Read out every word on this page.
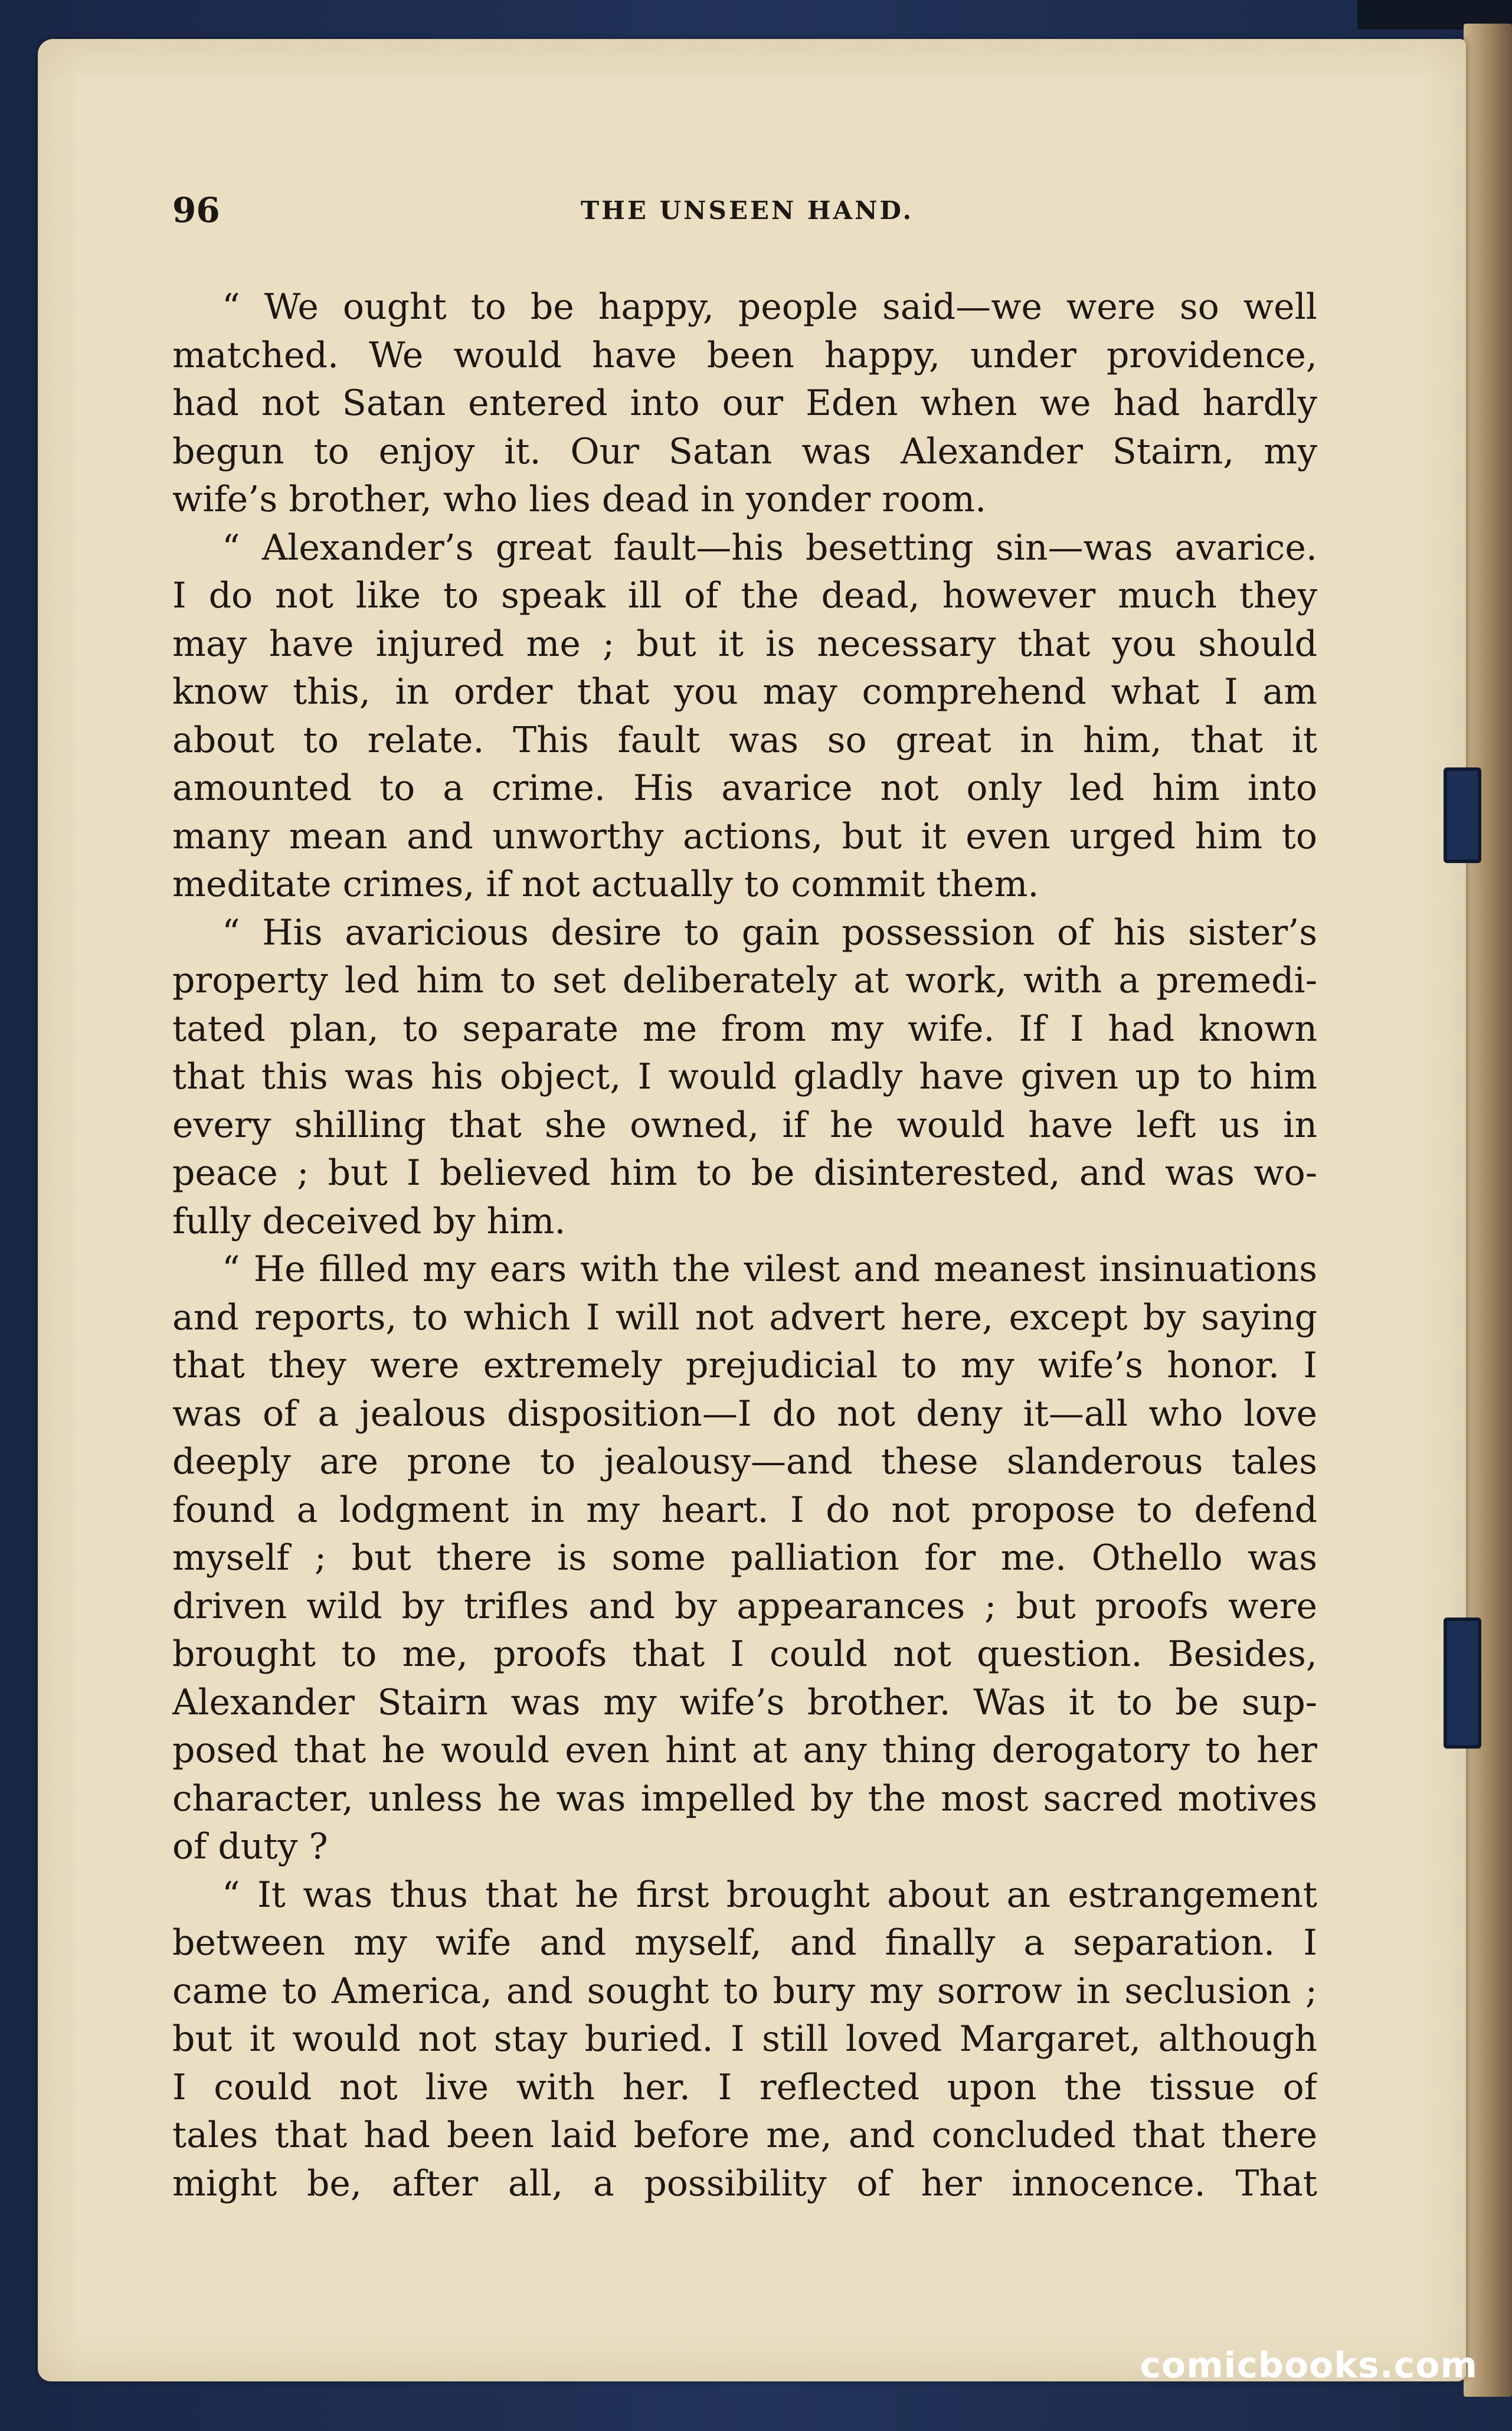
96	THE UNSEEN HAND.
“ We ought to be happy, people said—we were so well
matched. We would have been happy, under providence,
had not Satan entered into our Eden when we had hardly
begun to enjoy it. Our Satan was Alexander Stairn, my
wife’s brother, who lies dead in yonder room.
“ Alexander’s great fault—his besetting sin—was avarice.
I do not like to speak ill of the dead, however much they
may have injured me ; but it is necessary that you should
know this, in order that you may comprehend what I am
about to relate. This fault was so great in him, that it
amounted to a crime. His avarice not only led him into
many mean and unworthy actions, but it even urged him to
meditate crimes, if not actually to commit them.
“ His avaricious desire to gain possession of his sister’s
property led him to set deliberately at work, with a premedi-
tated plan, to separate me from my wife. If I had known
that this was his object, I would gladly have given up to him
every shilling that she owned, if he would have left us in
peace ; but I believed him to be disinterested, and was wo-
fully deceived by him.
“ He filled my ears with the vilest and meanest insinuations
and reports, to which I will not advert here, except by saying
that they were extremely prejudicial to my wife’s honor. I
was of a jealous disposition—I do not deny it—all who love
deeply are prone to jealousy—and these slanderous tales
found a lodgment in my heart. I do not propose to defend
myself ; but there is some palliation for me. Othello was
driven wild by trifles and by appearances ; but proofs were
brought to me, proofs that I could not question. Besides,
Alexander Stairn was my wife’s brother. Was it to be sup-
posed that he would even hint at any thing derogatory to her
character, unless he was impelled by the most sacred motives
of duty ?
“ It was thus that he first brought about an estrangement
between my wife and myself, and finally a separation. I
came to America, and sought to bury my sorrow in seclusion ;
but it would not stay buried. I still loved Margaret, although
I could not live with her. I reflected upon the tissue of
tales that had been laid before me, and concluded that there
might be, after all, a possibility of her innocence. That
comicbooks.com
